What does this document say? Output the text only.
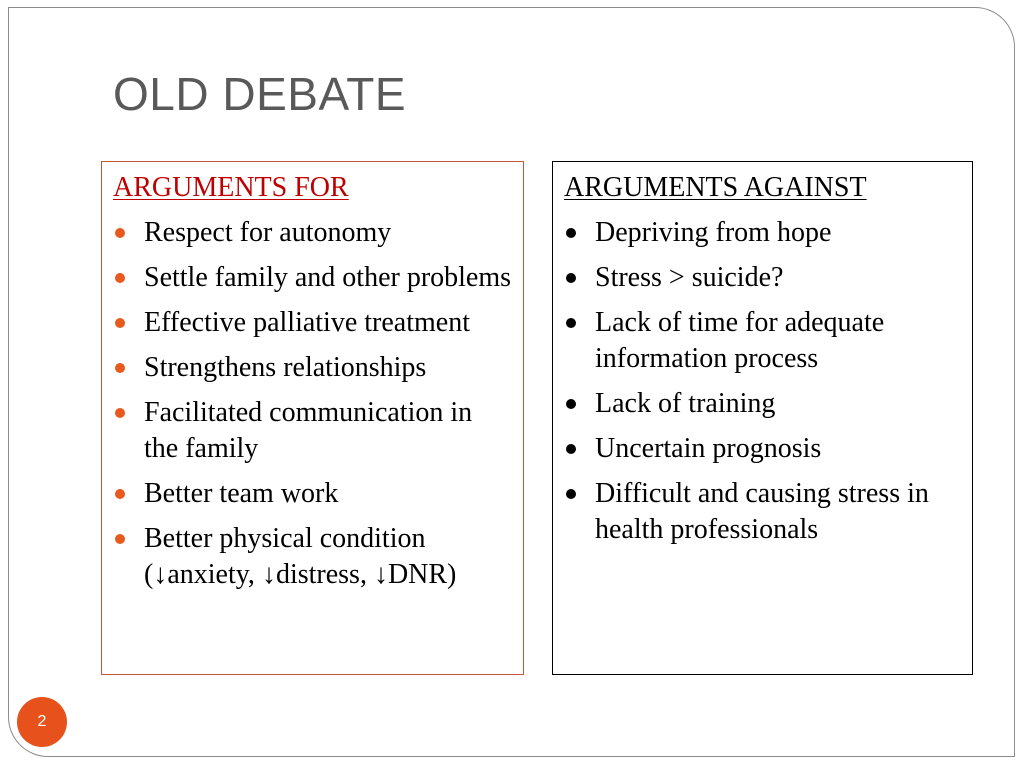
OLD DEBATE
ARGUMENTS FOR
Respect for autonomy
Settle family and other problems
Effective palliative treatment
Strengthens relationships
Facilitated communication in the family
Better team work
Better physical condition
(↓anxiety, ↓distress, ↓DNR)
ARGUMENTS AGAINST
Depriving from hope
Stress > suicide?
Lack of time for adequate information process
Lack of training
Uncertain prognosis
Difficult and causing stress in health professionals
2
